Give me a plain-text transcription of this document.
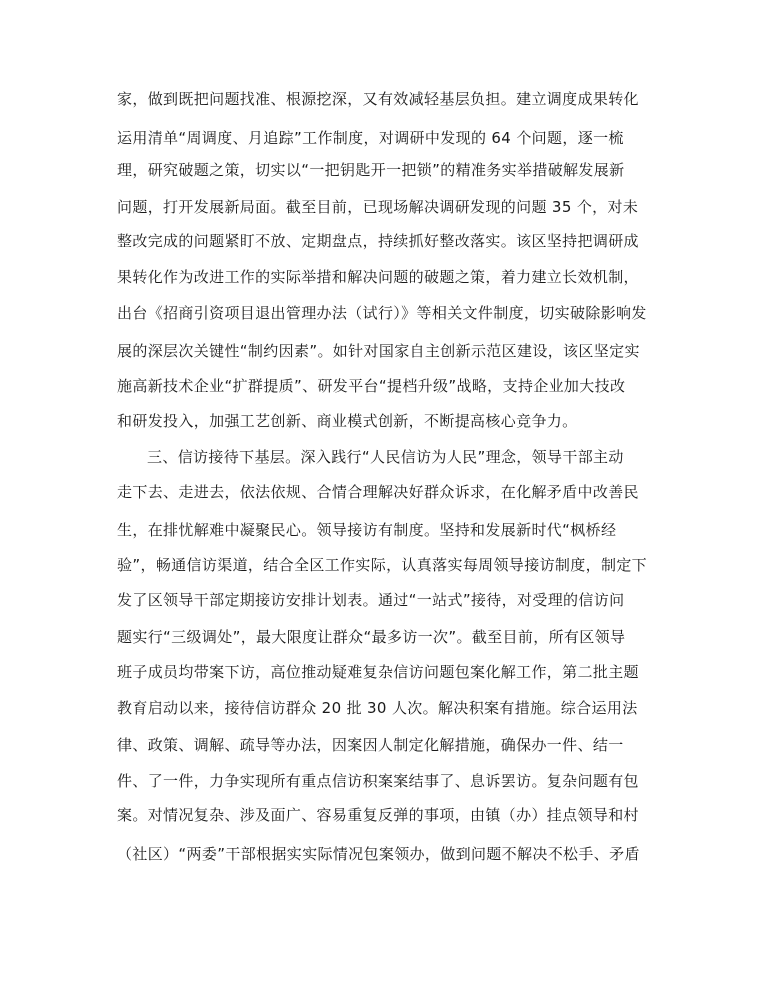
家，做到既把问题找准、根源挖深，又有效减轻基层负担。建立调度成果转化
运用清单“周调度、月追踪”工作制度，对调研中发现的 64 个问题，逐一梳
理，研究破题之策，切实以“一把钥匙开一把锁”的精准务实举措破解发展新
问题，打开发展新局面。截至目前，已现场解决调研发现的问题 35 个，对未
整改完成的问题紧盯不放、定期盘点，持续抓好整改落实。该区坚持把调研成
果转化作为改进工作的实际举措和解决问题的破题之策，着力建立长效机制，
出台《招商引资项目退出管理办法（试行）》等相关文件制度，切实破除影响发
展的深层次关键性“制约因素”。如针对国家自主创新示范区建设，该区坚定实
施高新技术企业“扩群提质”、研发平台“提档升级”战略，支持企业加大技改
和研发投入，加强工艺创新、商业模式创新，不断提高核心竞争力。
三、信访接待下基层。深入践行“人民信访为人民”理念，领导干部主动
走下去、走进去，依法依规、合情合理解决好群众诉求，在化解矛盾中改善民
生，在排忧解难中凝聚民心。领导接访有制度。坚持和发展新时代“枫桥经
验”，畅通信访渠道，结合全区工作实际，认真落实每周领导接访制度，制定下
发了区领导干部定期接访安排计划表。通过“一站式”接待，对受理的信访问
题实行“三级调处”，最大限度让群众“最多访一次”。截至目前，所有区领导
班子成员均带案下访，高位推动疑难复杂信访问题包案化解工作，第二批主题
教育启动以来，接待信访群众 20 批 30 人次。解决积案有措施。综合运用法
律、政策、调解、疏导等办法，因案因人制定化解措施，确保办一件、结一
件、了一件，力争实现所有重点信访积案案结事了、息诉罢访。复杂问题有包
案。对情况复杂、涉及面广、容易重复反弹的事项，由镇（办）挂点领导和村
（社区）“两委”干部根据实实际情况包案领办，做到问题不解决不松手、矛盾
